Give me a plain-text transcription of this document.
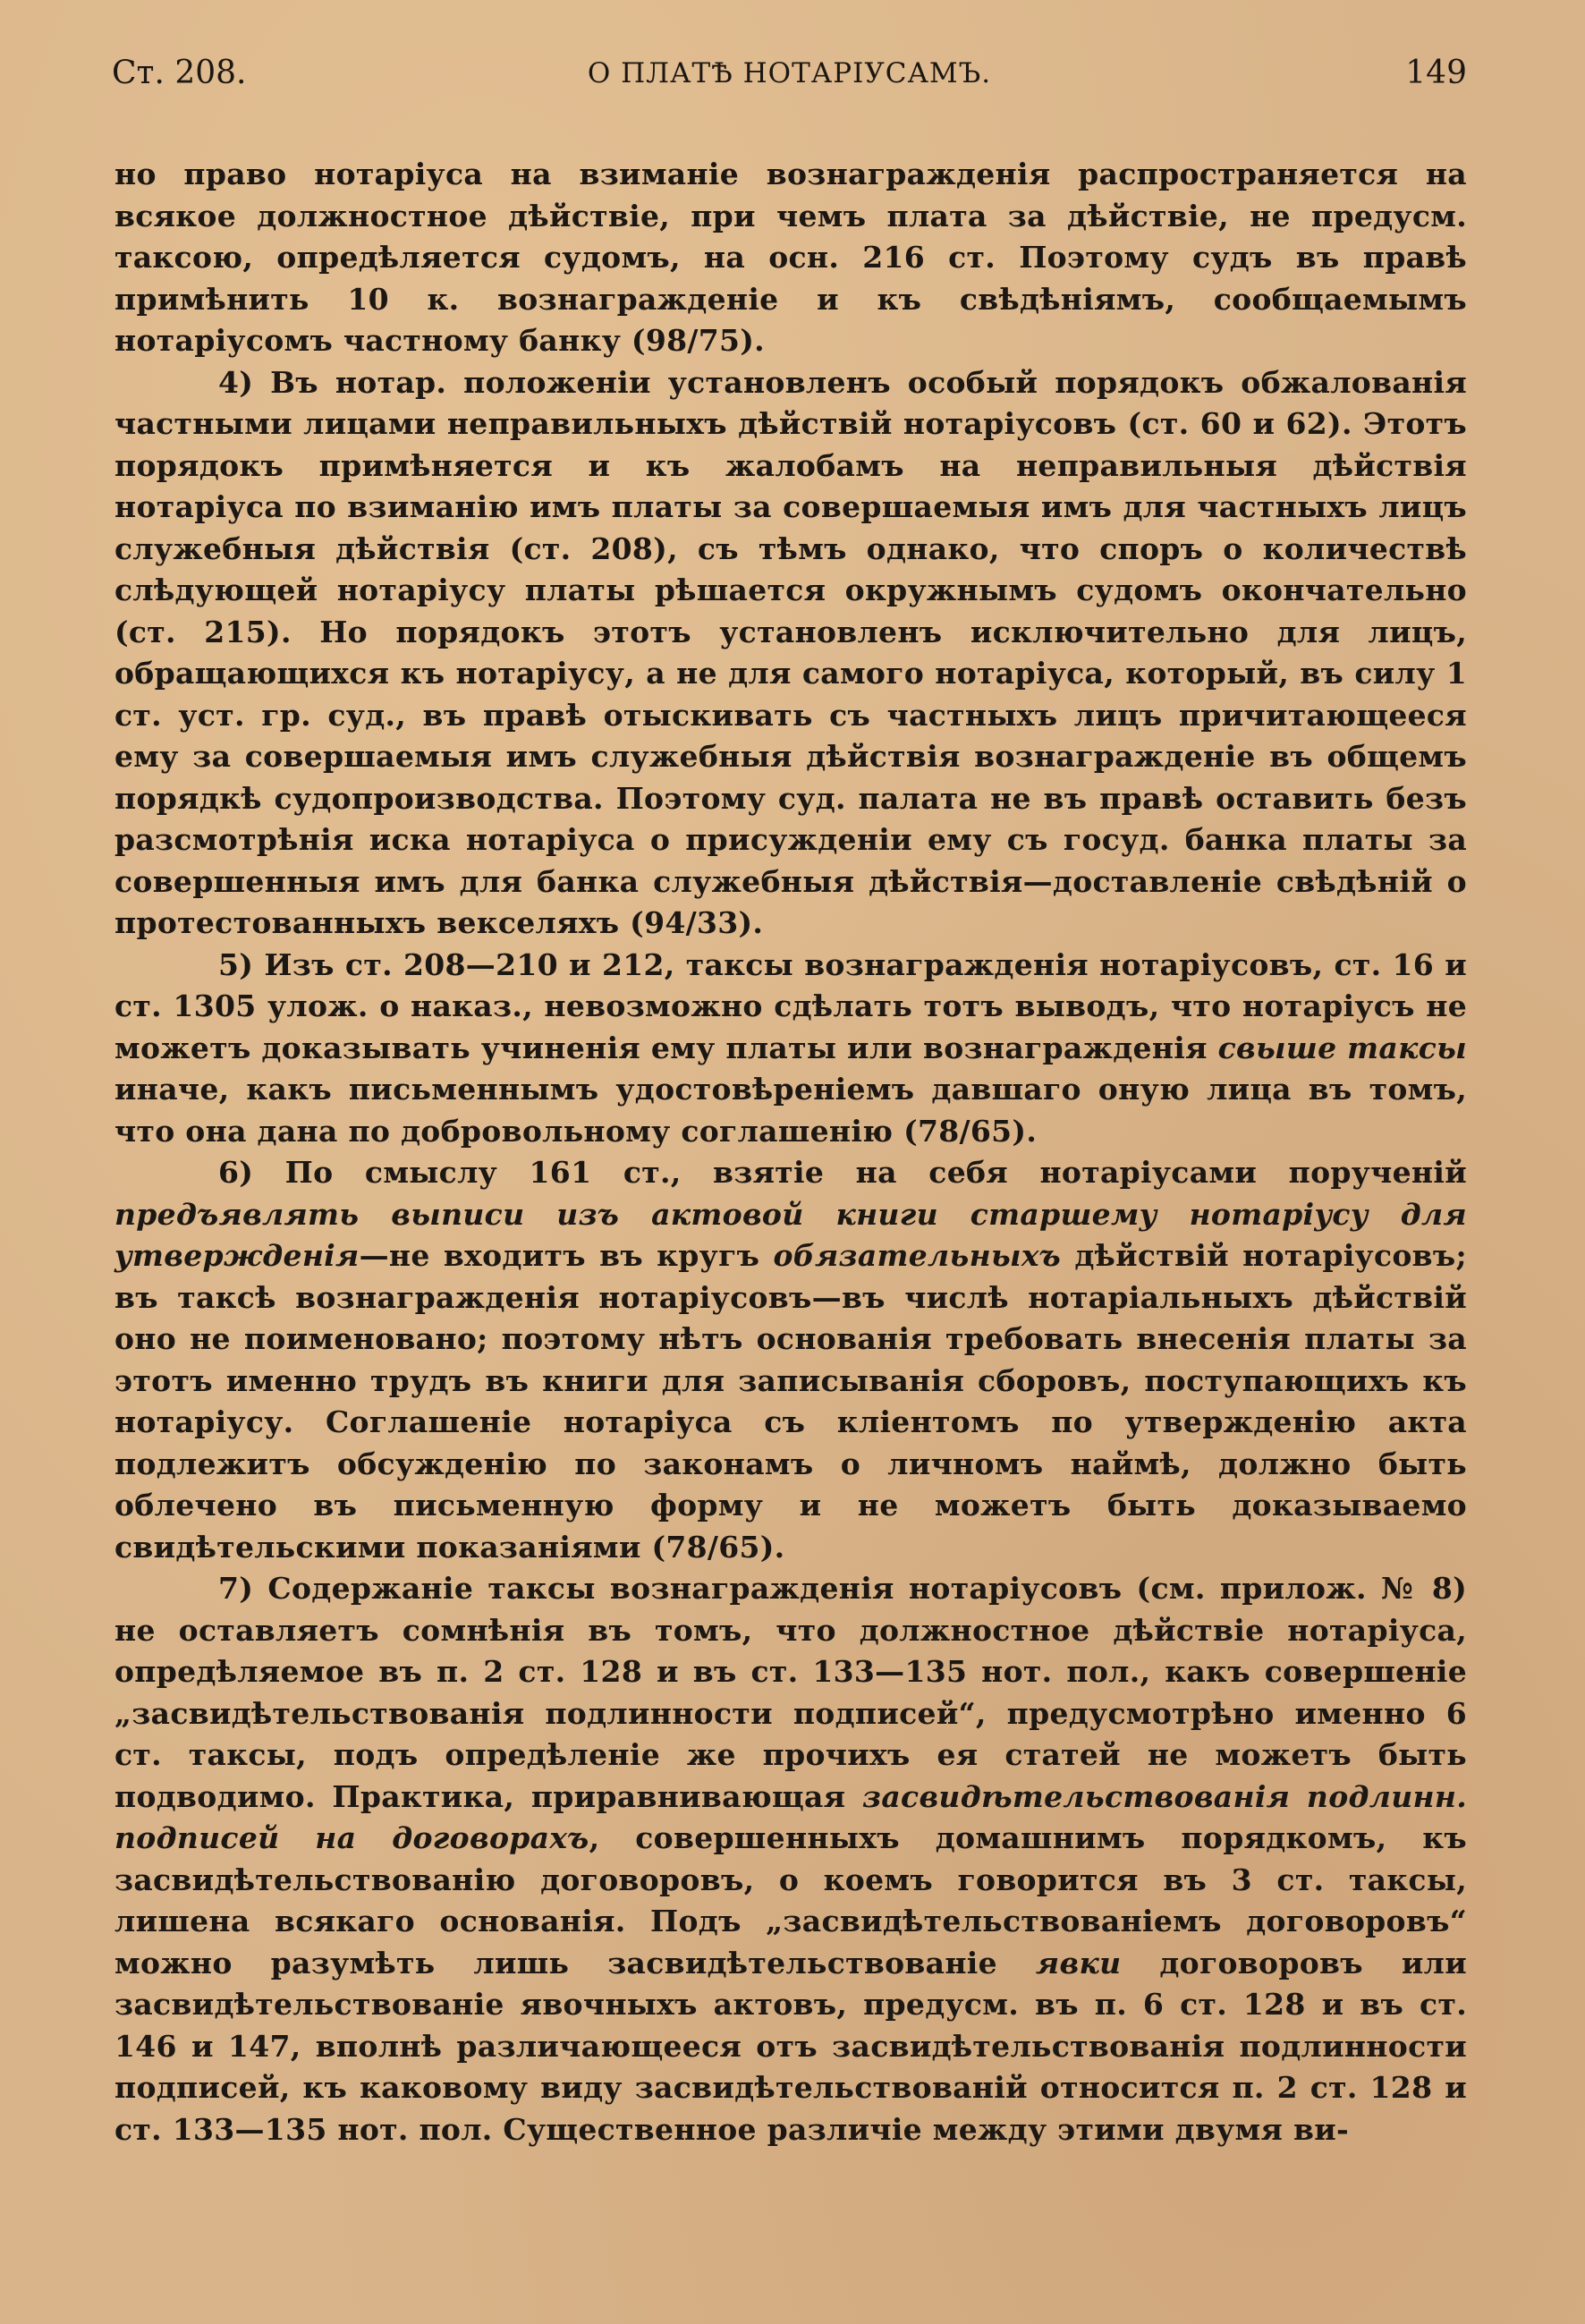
Ст. 208.	О ПЛАТѢ НОТАРІУСАМЪ.	149

но право нотаріуса на взиманіе вознагражденія распространяется на всякое должностное дѣйствіе, при чемъ плата за дѣйствіе, не предусм. таксою, опредѣляется судомъ, на осн. 216 ст. Поэтому судъ въ правѣ примѣнить 10 к. вознагражденіе и къ свѣдѣніямъ, сообщаемымъ нотаріусомъ частному банку (98/75).

4) Въ нотар. положеніи установленъ особый порядокъ обжалованія частными лицами неправильныхъ дѣйствій нотаріусовъ (ст. 60 и 62). Этотъ порядокъ примѣняется и къ жалобамъ на неправильныя дѣйствія нотаріуса по взиманію имъ платы за совершаемыя имъ для частныхъ лицъ служебныя дѣйствія (ст. 208), съ тѣмъ однако, что споръ о количествѣ слѣдующей нотаріусу платы рѣшается окружнымъ судомъ окончательно (ст. 215). Но порядокъ этотъ установленъ исключительно для лицъ, обращающихся къ нотаріусу, а не для самого нотаріуса, который, въ силу 1 ст. уст. гр. суд., въ правѣ отыскивать съ частныхъ лицъ причитающееся ему за совершаемыя имъ служебныя дѣйствія вознагражденіе въ общемъ порядкѣ судопроизводства. Поэтому суд. палата не въ правѣ оставить безъ разсмотрѣнія иска нотаріуса о присужденіи ему съ госуд. банка платы за совершенныя имъ для банка служебныя дѣйствія—доставленіе свѣдѣній о протестованныхъ векселяхъ (94/33).

5) Изъ ст. 208—210 и 212, таксы вознагражденія нотаріусовъ, ст. 16 и ст. 1305 улож. о наказ., невозможно сдѣлать тотъ выводъ, что нотаріусъ не можетъ доказывать учиненія ему платы или вознагражденія свыше таксы иначе, какъ письменнымъ удостовѣреніемъ давшаго оную лица въ томъ, что она дана по добровольному соглашенію (78/65).

6) По смыслу 161 ст., взятіе на себя нотаріусами порученій предъявлять выписи изъ актовой книги старшему нотаріусу для утвержденія—не входитъ въ кругъ обязательныхъ дѣйствій нотаріусовъ; въ таксѣ вознагражденія нотаріусовъ—въ числѣ нотаріальныхъ дѣйствій оно не поименовано; поэтому нѣтъ основанія требовать внесенія платы за этотъ именно трудъ въ книги для записыванія сборовъ, поступающихъ къ нотаріусу. Соглашеніе нотаріуса съ кліентомъ по утвержденію акта подлежитъ обсужденію по законамъ о личномъ наймѣ, должно быть облечено въ письменную форму и не можетъ быть доказываемо свидѣтельскими показаніями (78/65).

7) Содержаніе таксы вознагражденія нотаріусовъ (см. прилож. № 8) не оставляетъ сомнѣнія въ томъ, что должностное дѣйствіе нотаріуса, опредѣляемое въ п. 2 ст. 128 и въ ст. 133—135 нот. пол., какъ совершеніе „засвидѣтельствованія подлинности подписей“, предусмотрѣно именно 6 ст. таксы, подъ опредѣленіе же прочихъ ея статей не можетъ быть подводимо. Практика, приравнивающая засвидѣтельствованія подлинн. подписей на договорахъ, совершенныхъ домашнимъ порядкомъ, къ засвидѣтельствованію договоровъ, о коемъ говорится въ 3 ст. таксы, лишена всякаго основанія. Подъ „засвидѣтельствованіемъ договоровъ“ можно разумѣть лишь засвидѣтельствованіе явки договоровъ или засвидѣтельствованіе явочныхъ актовъ, предусм. въ п. 6 ст. 128 и въ ст. 146 и 147, вполнѣ различающееся отъ засвидѣтельствованія подлинности подписей, къ каковому виду засвидѣтельствованій относится п. 2 ст. 128 и ст. 133—135 нот. пол. Существенное различіе между этими двумя ви-
